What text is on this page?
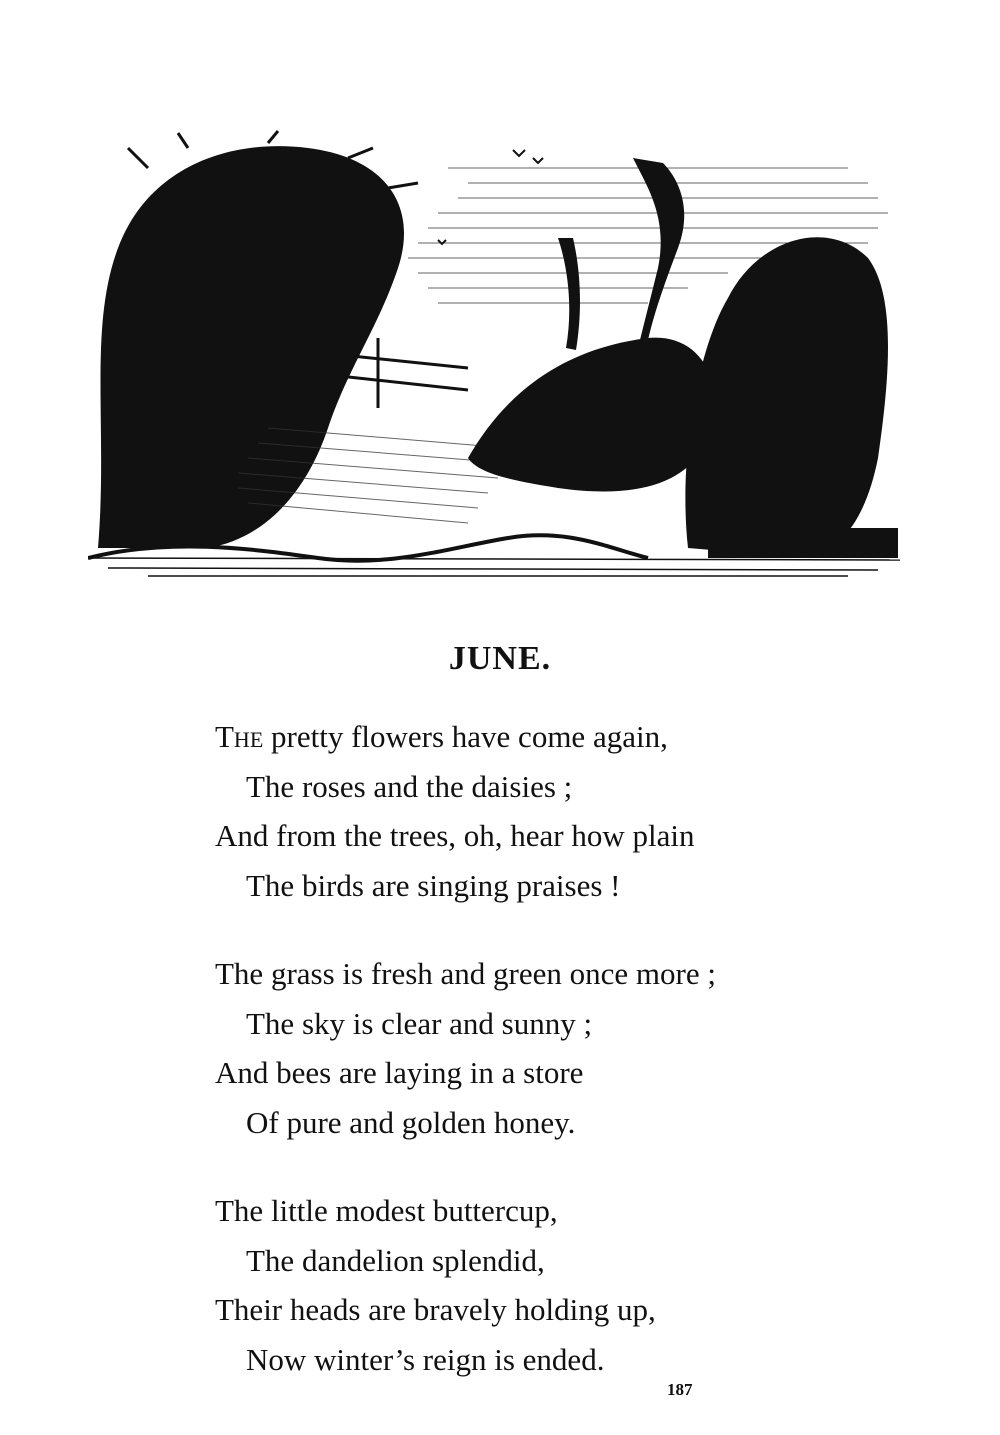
JUNE.
The pretty flowers have come again,
The roses and the daisies ;
And from the trees, oh, hear how plain
The birds are singing praises !
The grass is fresh and green once more ;
The sky is clear and sunny ;
And bees are laying in a store
Of pure and golden honey.
The little modest buttercup,
The dandelion splendid,
Their heads are bravely holding up,
Now winter’s reign is ended.
187
